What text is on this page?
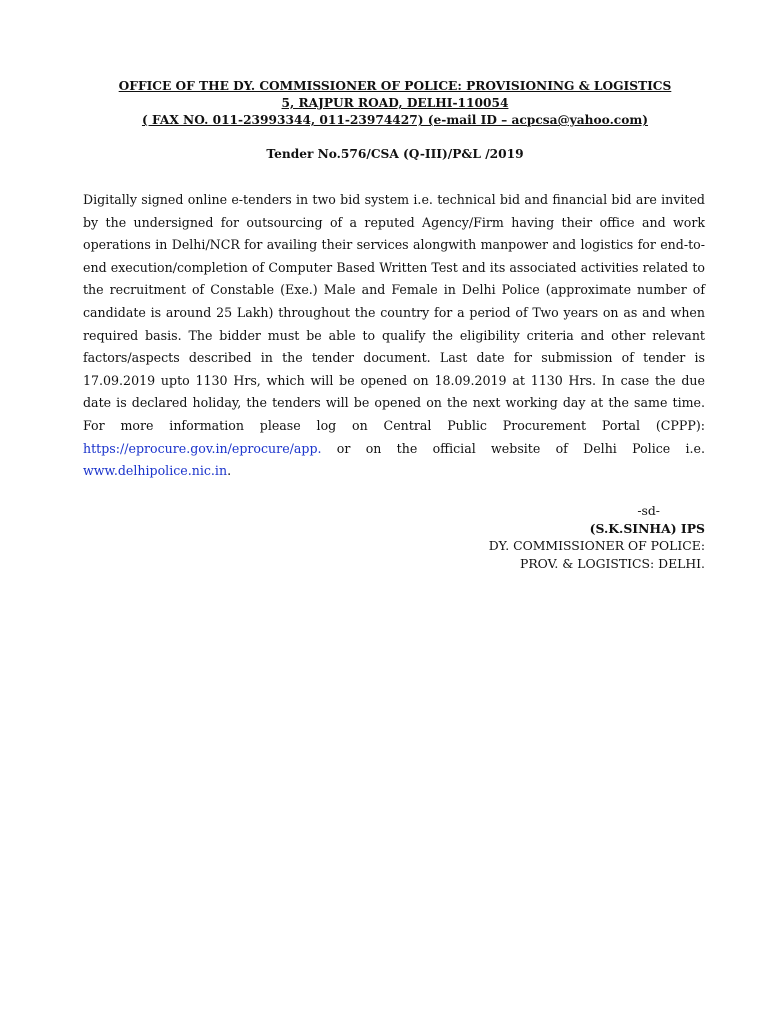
OFFICE OF THE DY. COMMISSIONER OF POLICE: PROVISIONING & LOGISTICS
5, RAJPUR ROAD, DELHI-110054
( FAX NO. 011-23993344, 011-23974427) (e-mail ID – acpcsa@yahoo.com)
Tender No.576/CSA (Q-III)/P&L /2019
Digitally signed online e-tenders in two bid system i.e. technical bid and financial bid are invited by the undersigned for outsourcing of a reputed Agency/Firm having their office and work operations in Delhi/NCR for availing their services alongwith manpower and logistics for end-to-end execution/completion of Computer Based Written Test and its associated activities related to the recruitment of Constable (Exe.) Male and Female in Delhi Police (approximate number of candidate is around 25 Lakh) throughout the country for a period of Two years on as and when required basis. The bidder must be able to qualify the eligibility criteria and other relevant factors/aspects described in the tender document. Last date for submission of tender is 17.09.2019 upto 1130 Hrs, which will be opened on 18.09.2019 at 1130 Hrs. In case the due date is declared holiday, the tenders will be opened on the next working day at the same time. For more information please log on Central Public Procurement Portal (CPPP): https://eprocure.gov.in/eprocure/app. or on the official website of Delhi Police i.e. www.delhipolice.nic.in.
-sd-
(S.K.SINHA) IPS
DY. COMMISSIONER OF POLICE:
PROV. & LOGISTICS: DELHI.
